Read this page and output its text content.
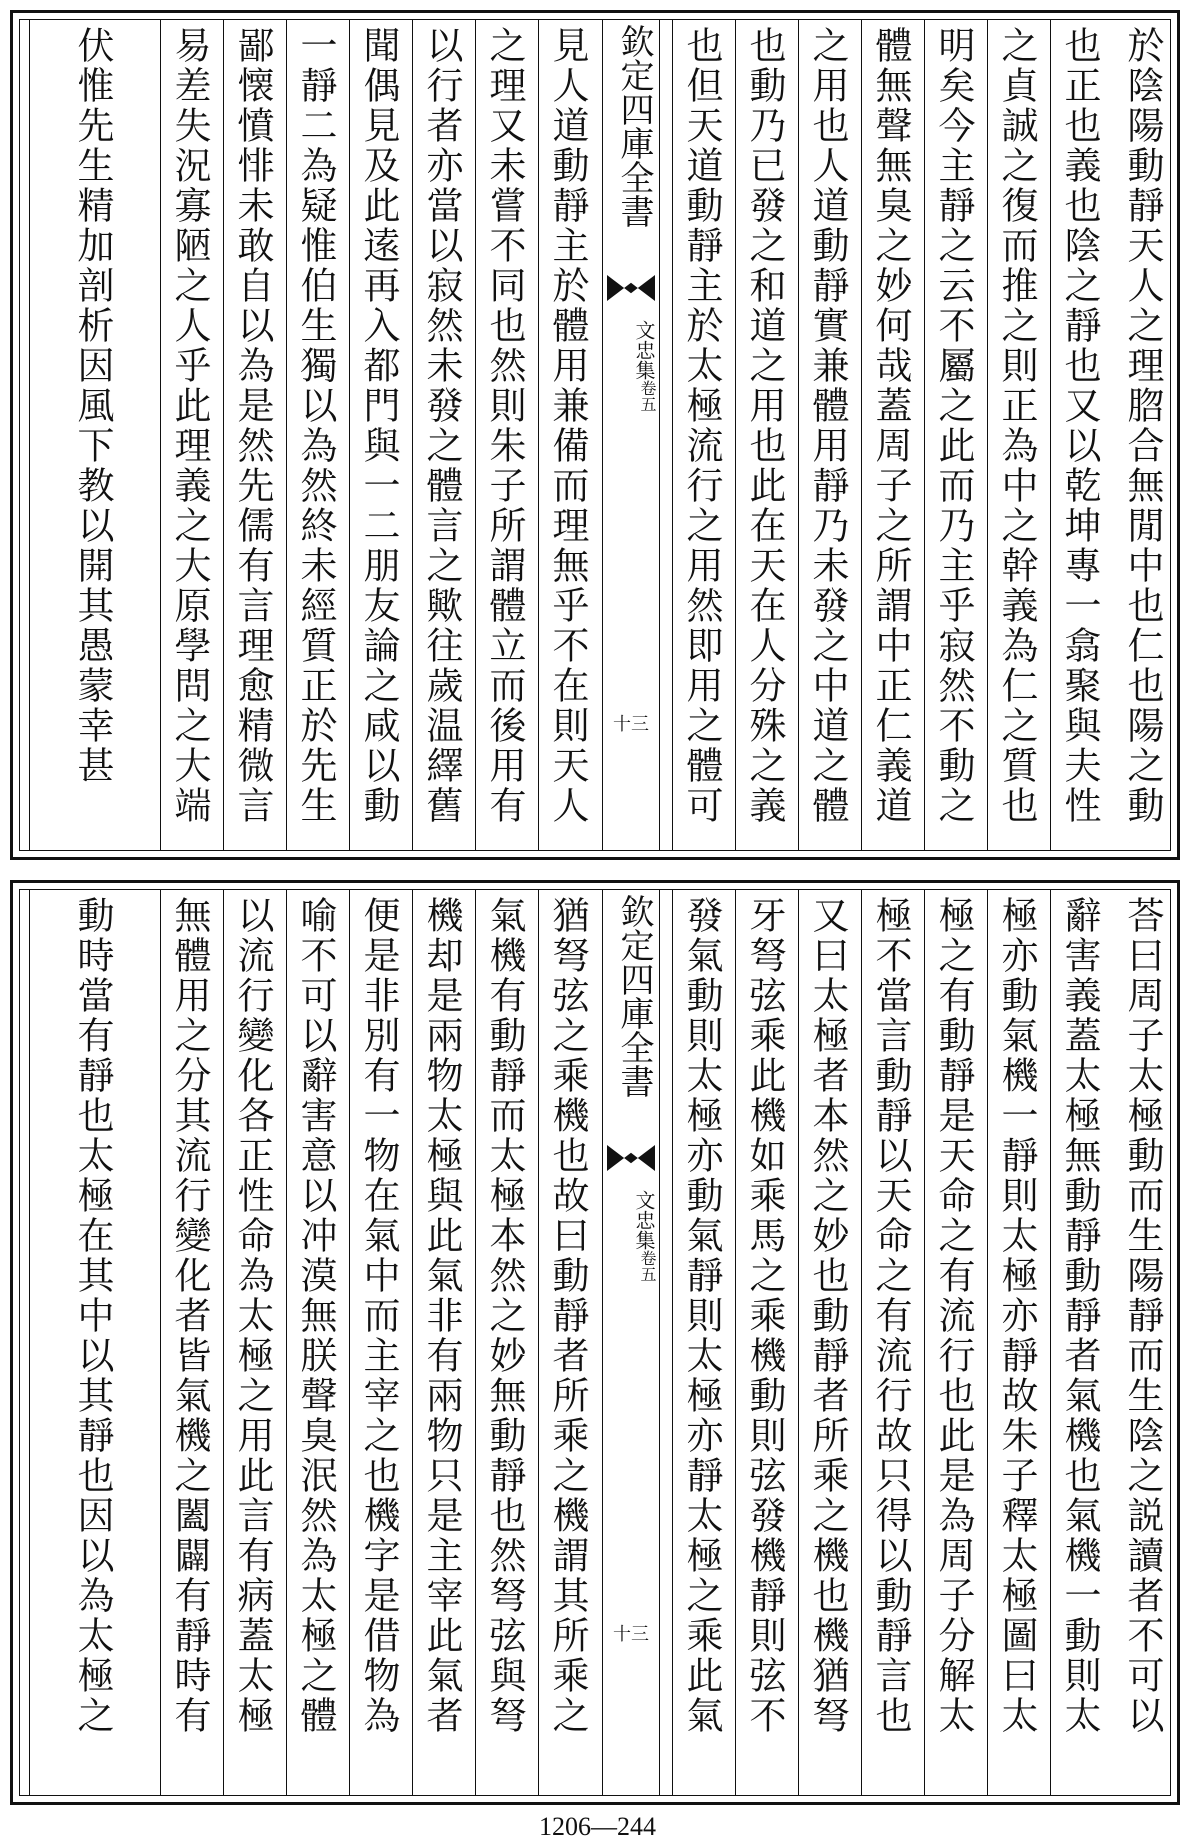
於陰陽動靜天人之理脗合無閒中也仁也陽之動
也正也義也陰之靜也又以乾坤專一翕聚與夫性
之貞誠之復而推之則正為中之幹義為仁之質也
明矣今主靜之云不屬之此而乃主乎寂然不動之
體無聲無臭之妙何哉蓋周子之所謂中正仁義道
之用也人道動靜實兼體用靜乃未發之中道之體
也動乃已發之和道之用也此在天在人分殊之義
也但天道動靜主於太極流行之用然即用之體可
欽定四庫全書
文忠集
卷五
十三
見人道動靜主於體用兼備而理無乎不在則天人
之理又未嘗不同也然則朱子所謂體立而後用有
以行者亦當以寂然未發之體言之歟往歲温繹舊
聞偶見及此逺再入都門與一二朋友論之咸以動
一靜二為疑惟伯生獨以為然終未經質正於先生
鄙懐憤悱未敢自以為是然先儒有言理愈精微言
易差失況寡陋之人乎此理義之大原學問之大端
伏惟先生精加剖析因風下教以開其愚蒙幸甚
荅曰周子太極動而生陽靜而生陰之説讀者不可以
辭害義蓋太極無動靜動靜者氣機也氣機一動則太
極亦動氣機一靜則太極亦靜故朱子釋太極圖曰太
極之有動靜是天命之有流行也此是為周子分解太
極不當言動靜以天命之有流行故只得以動靜言也
又曰太極者本然之妙也動靜者所乘之機也機猶弩
牙弩弦乘此機如乘馬之乘機動則弦發機靜則弦不
發氣動則太極亦動氣靜則太極亦靜太極之乘此氣
欽定四庫全書
文忠集
卷五
十三
猶弩弦之乘機也故曰動靜者所乘之機謂其所乘之
氣機有動靜而太極本然之妙無動靜也然弩弦與弩
機却是兩物太極與此氣非有兩物只是主宰此氣者
便是非別有一物在氣中而主宰之也機字是借物為
喻不可以辭害意以冲漠無朕聲臭泯然為太極之體
以流行變化各正性命為太極之用此言有病蓋太極
無體用之分其流行變化者皆氣機之闔闢有靜時有
動時當有靜也太極在其中以其靜也因以為太極之
1206—244
